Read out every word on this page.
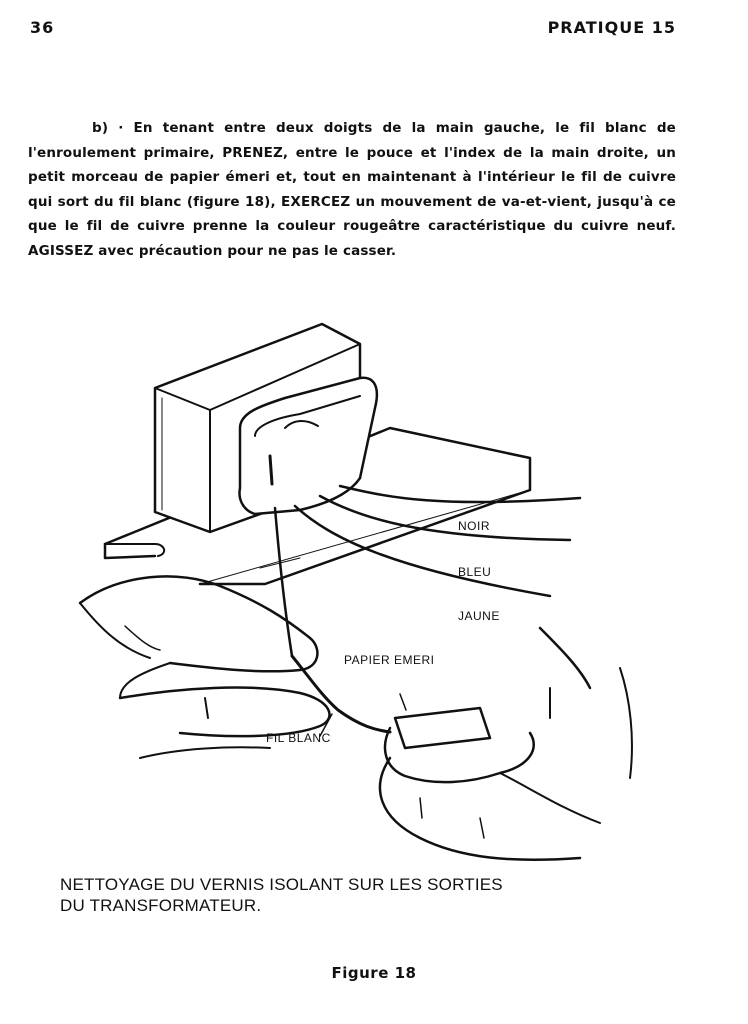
36	PRATIQUE 15
b) · En tenant entre deux doigts de la main gauche, le fil blanc de l'enroulement primaire, PRENEZ, entre le pouce et l'index de la main droite, un petit morceau de papier émeri et, tout en maintenant à l'intérieur le fil de cuivre qui sort du fil blanc (figure 18), EXERCEZ un mouvement de va-et-vient, jusqu'à ce que le fil de cuivre prenne la couleur rougeâtre caractéristique du cuivre neuf. AGISSEZ avec précaution pour ne pas le casser.
NOIR
BLEU
JAUNE
PAPIER EMERI
FIL BLANC
NETTOYAGE DU VERNIS ISOLANT SUR LES SORTIES
DU TRANSFORMATEUR.
Figure 18
